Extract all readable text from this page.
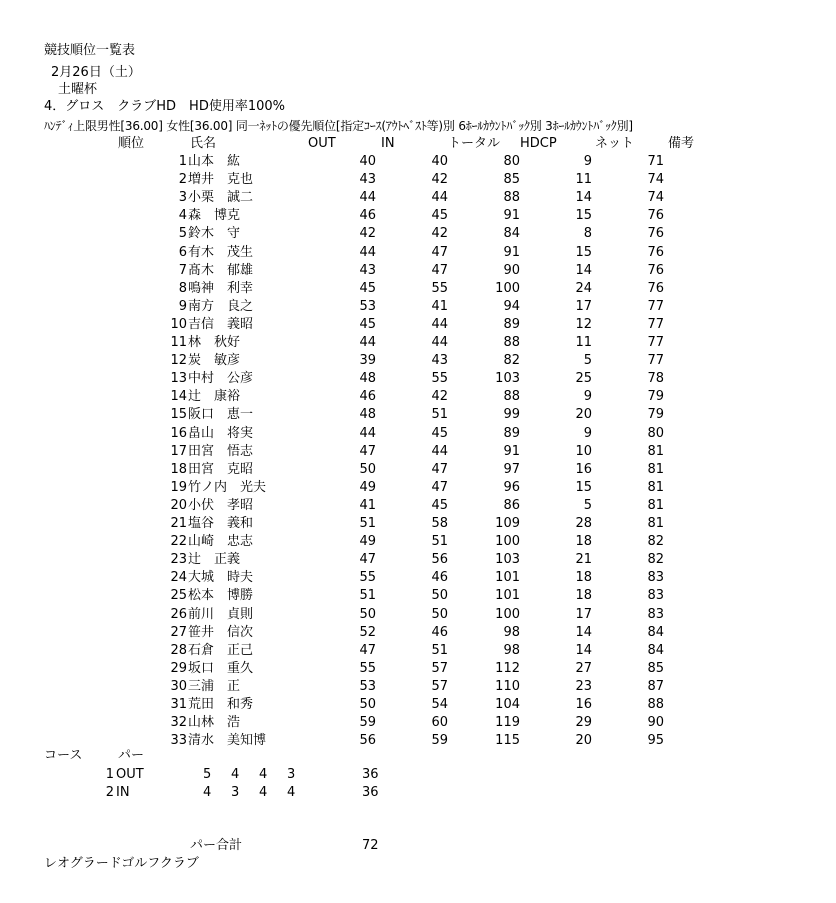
競技順位一覧表
2月26日（土）
土曜杯
4．グロス　クラブHD　HD使用率100%
ﾊﾝﾃﾞｨ上限男性[36.00] 女性[36.00] 同一ﾈｯﾄの優先順位[指定ｺｰｽ(ｱｳﾄﾍﾞｽﾄ等)別 6ﾎｰﾙｶｳﾝﾄﾊﾞｯｸ別 3ﾎｰﾙｶｳﾝﾄﾊﾞｯｸ別]
順位	氏名	OUT	IN	トータル HDCP	ネット	備考
1 山本　紘	40	40	80	9	71
2 増井　克也	43	42	85	11	74
3 小栗　誠二	44	44	88	14	74
4 森　博克	46	45	91	15	76
5 鈴木　守	42	42	84	8	76
6 有木　茂生	44	47	91	15	76
7 髙木　郁雄	43	47	90	14	76
8 鳴神　利幸	45	55	100	24	76
9 南方　良之	53	41	94	17	77
10 吉信　義昭	45	44	89	12	77
11 林　秋好	44	44	88	11	77
12 炭　敏彦	39	43	82	5	77
13 中村　公彦	48	55	103	25	78
14 辻　康裕	46	42	88	9	79
15 阪口　恵一	48	51	99	20	79
16 畠山　将実	44	45	89	9	80
17 田宮　悟志	47	44	91	10	81
18 田宮　克昭	50	47	97	16	81
19 竹ノ内　光夫	49	47	96	15	81
20 小伏　孝昭	41	45	86	5	81
21 塩谷　義和	51	58	109	28	81
22 山崎　忠志	49	51	100	18	82
23 辻　正義	47	56	103	21	82
24 大城　時夫	55	46	101	18	83
25 松本　博勝	51	50	101	18	83
26 前川　貞則	50	50	100	17	83
27 笹井　信次	52	46	98	14	84
28 石倉　正己	47	51	98	14	84
29 坂口　重久	55	57	112	27	85
30 三浦　正	53	57	110	23	87
31 荒田　和秀	50	54	104	16	88
32 山林　浩	59	60	119	29	90
33 清水　美知博	56	59	115	20	95
コース	パー
1 OUT	5 4 4 3	36
2 IN	4 3 4 4	36
パー合計	72
レオグラードゴルフクラブ
